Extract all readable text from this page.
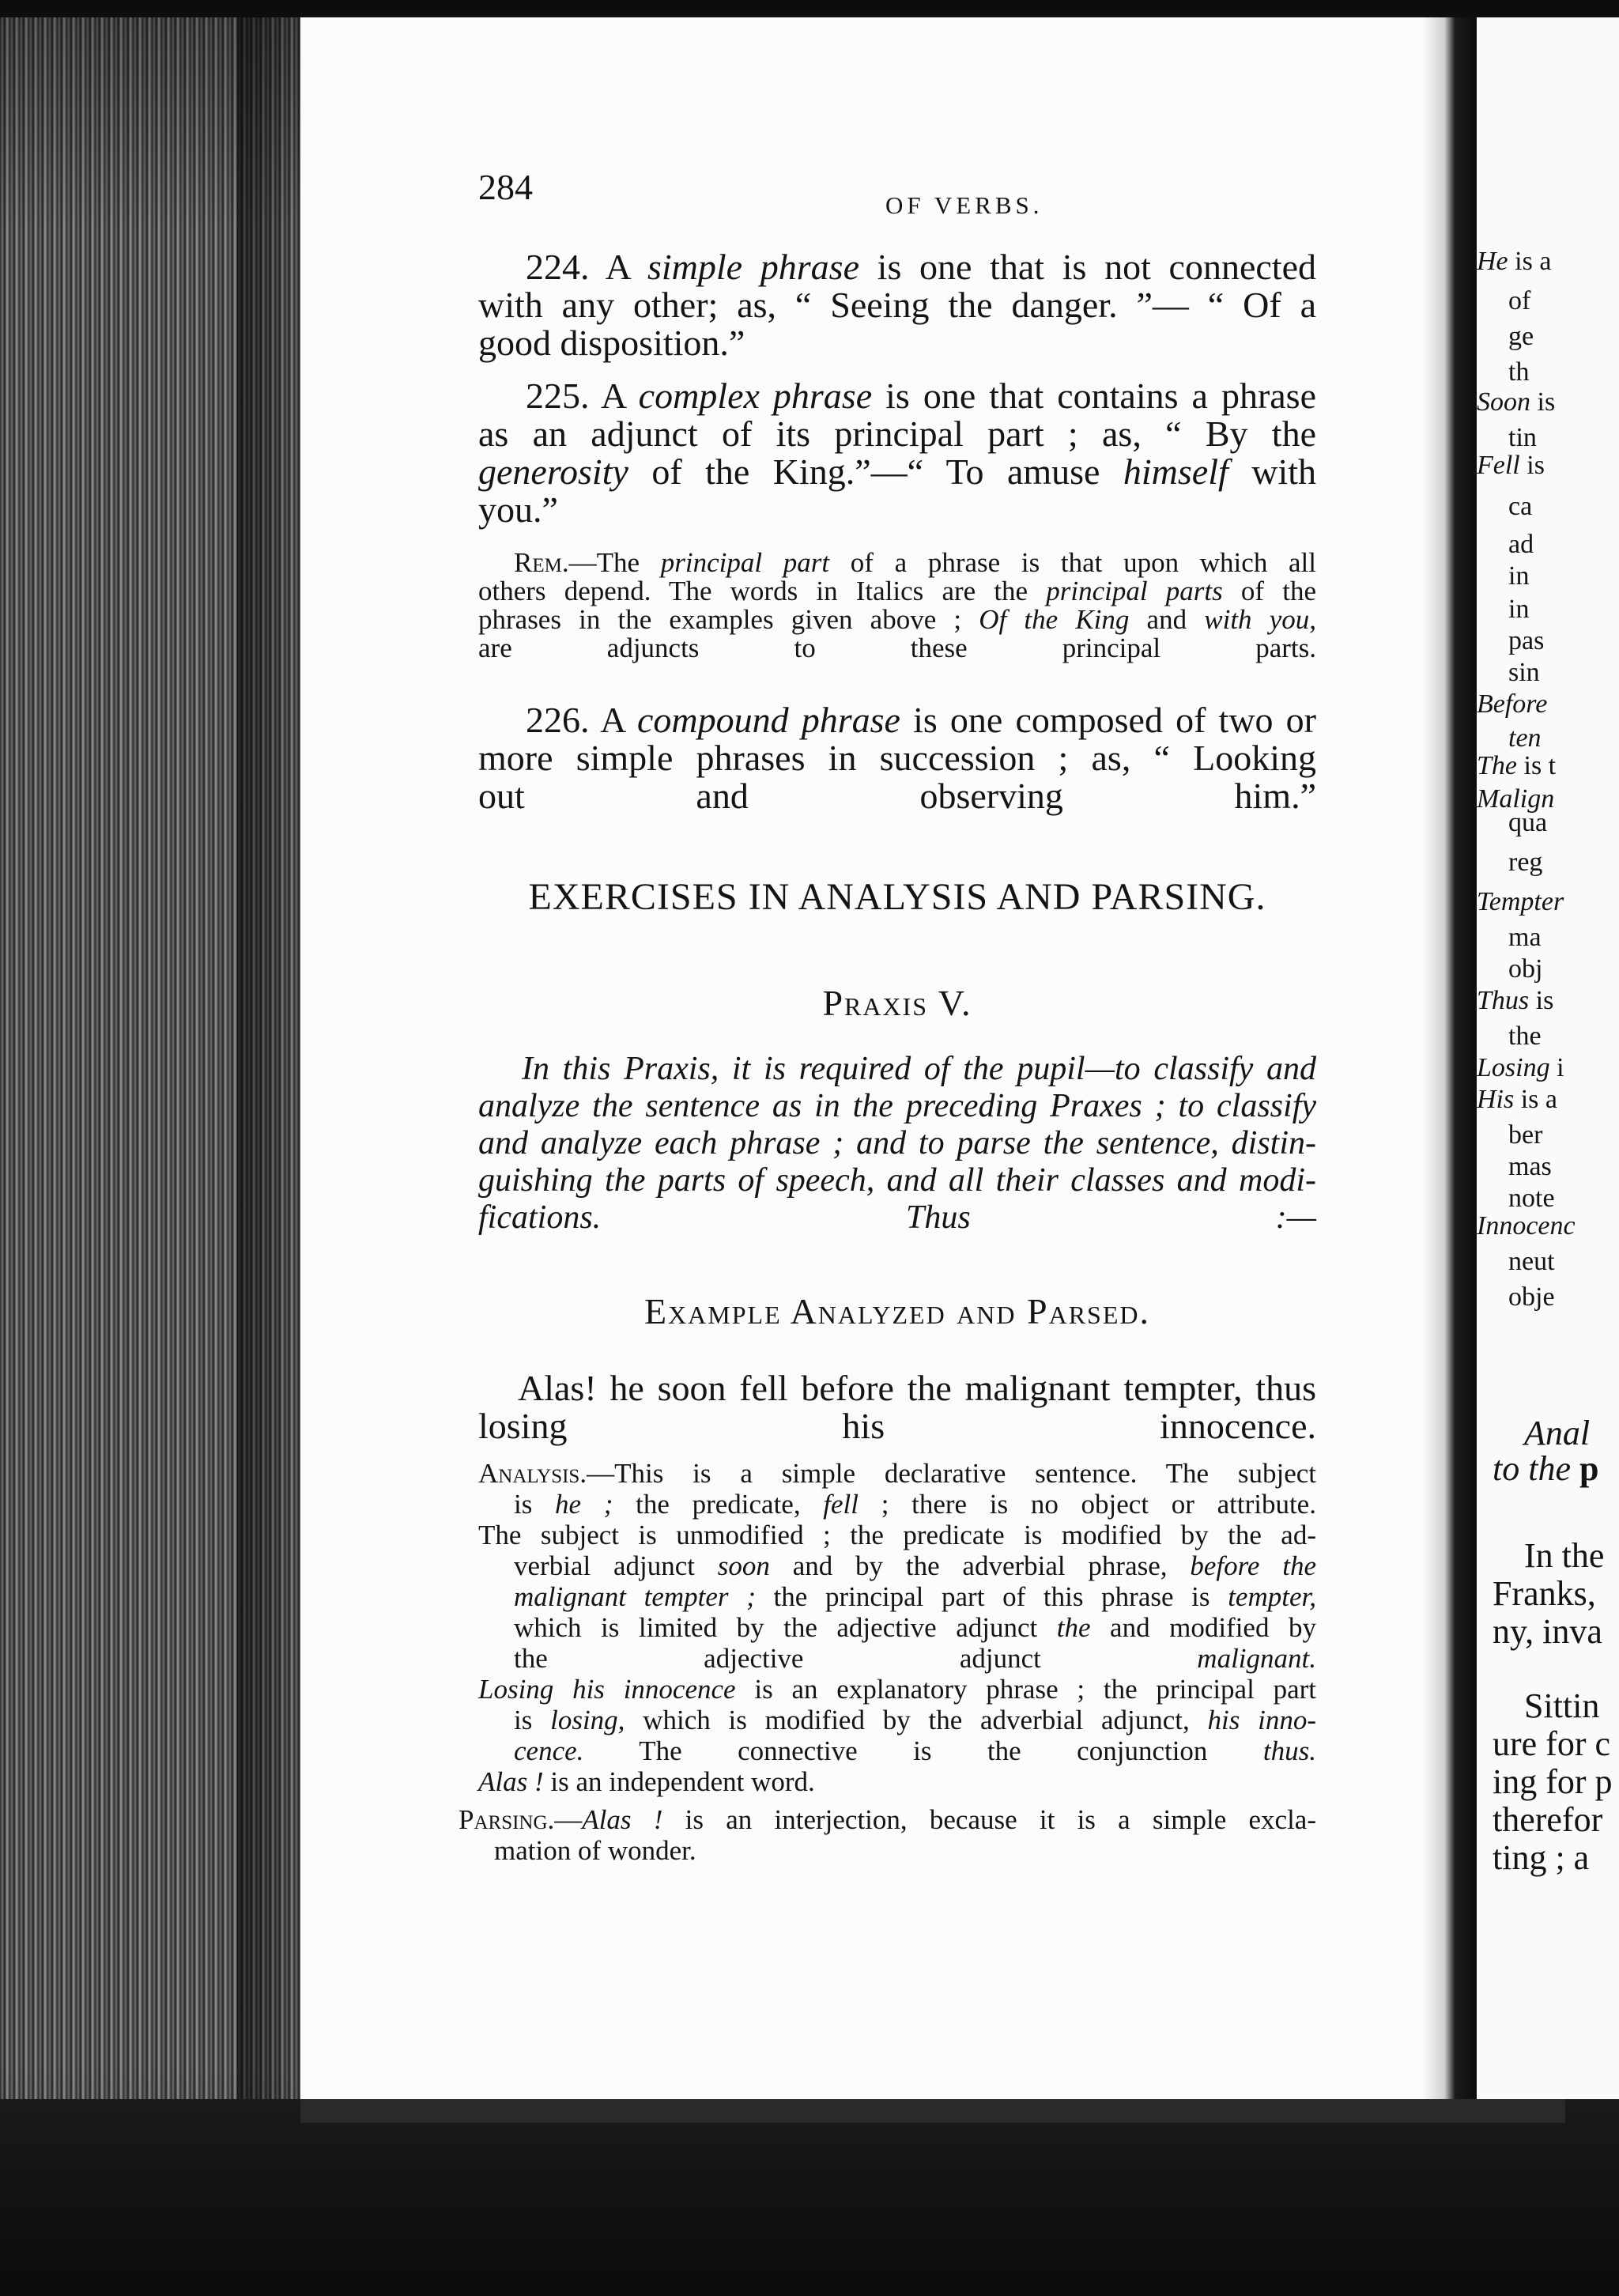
284	OF VERBS.
224. A simple phrase is one that is not connected
with any other; as, “ Seeing the danger. ”— “ Of a
good disposition.”
225. A complex phrase is one that contains a phrase
as an adjunct of its principal part ; as, “ By the
generosity of the King.”—“ To amuse himself with
you.”
Rem.—The principal part of a phrase is that upon which all
others depend. The words in Italics are the principal parts of the
phrases in the examples given above ; Of the King and with you,
are adjuncts to these principal parts.
226. A compound phrase is one composed of two or
more simple phrases in succession ; as, “ Looking
out and observing him.”
EXERCISES IN ANALYSIS AND PARSING.
Praxis V.
In this Praxis, it is required of the pupil—to classify and
analyze the sentence as in the preceding Praxes ; to classify
and analyze each phrase ; and to parse the sentence, distin-
guishing the parts of speech, and all their classes and modi-
fications. Thus :—
Example Analyzed and Parsed.
Alas! he soon fell before the malignant tempter, thus
losing his innocence.
Analysis.—This is a simple declarative sentence. The subject
is he ; the predicate, fell ; there is no object or attribute.
The subject is unmodified ; the predicate is modified by the ad-
verbial adjunct soon and by the adverbial phrase, before the
malignant tempter ; the principal part of this phrase is tempter,
which is limited by the adjective adjunct the and modified by
the adjective adjunct malignant.
Losing his innocence is an explanatory phrase ; the principal part
is losing, which is modified by the adverbial adjunct, his inno-
cence. The connective is the conjunction thus.
Alas ! is an independent word.
Parsing.—Alas ! is an interjection, because it is a simple excla-
mation of wonder.
He is a
of
ge
th
Soon is
tin
Fell is
ca
ad
in
in
pas
sin
Before
ten
The is t
Malign
qua
reg
Tempter
ma
obj
Thus is
the
Losing i
His is a
ber
mas
note
Innocenc
neut
obje
Anal
to the p
In the
Franks,
ny, inva
Sittin
ure for c
ing for p
therefor
ting ; a
